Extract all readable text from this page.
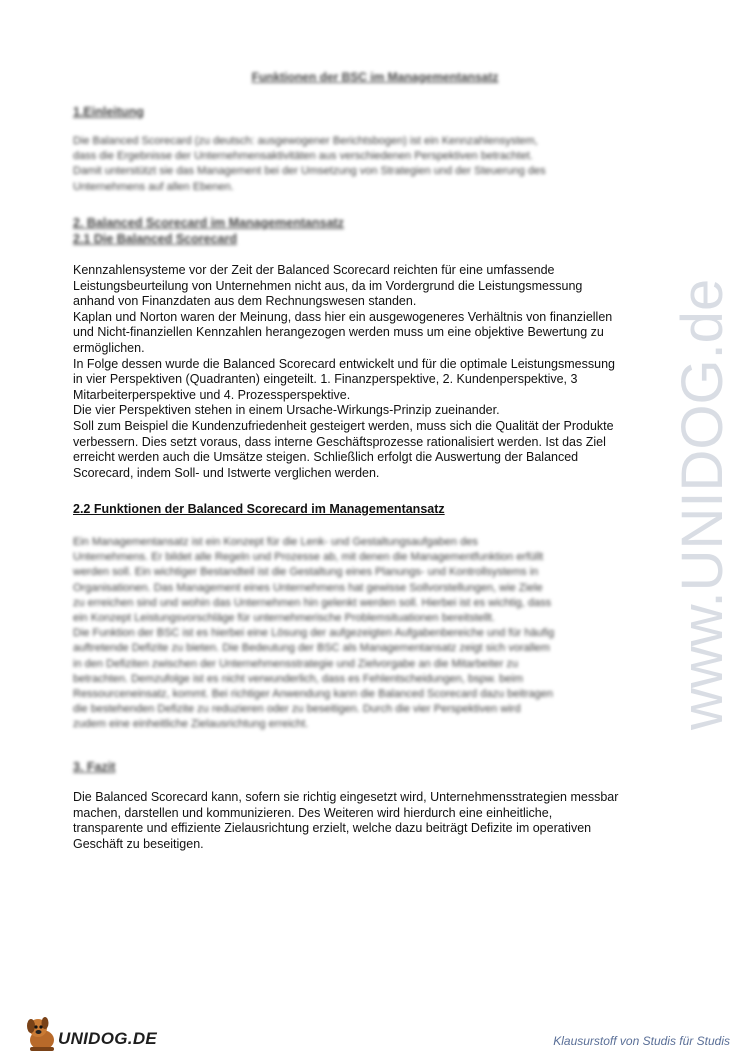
www.UNIDOG.de
Funktionen der BSC im Managementansatz
1.Einleitung
Die Balanced Scorecard (zu deutsch: ausgewogener Berichtsbogen) ist ein Kennzahlensystem,
dass die Ergebnisse der Unternehmensaktivitäten aus verschiedenen Perspektiven betrachtet.
Damit unterstützt sie das Management bei der Umsetzung von Strategien und der Steuerung des
Unternehmens auf allen Ebenen.
2. Balanced Scorecard im Managementansatz
2.1 Die Balanced Scorecard
Kennzahlensysteme vor der Zeit der Balanced Scorecard reichten für eine umfassende
Leistungsbeurteilung von Unternehmen nicht aus, da im Vordergrund die Leistungsmessung
anhand von Finanzdaten aus dem Rechnungswesen standen.
Kaplan und Norton waren der Meinung, dass hier ein ausgewogeneres Verhältnis von finanziellen
und Nicht-finanziellen Kennzahlen herangezogen werden muss um eine objektive Bewertung zu
ermöglichen.
In Folge dessen wurde die Balanced Scorecard entwickelt und für die optimale Leistungsmessung
in vier Perspektiven (Quadranten) eingeteilt. 1. Finanzperspektive, 2. Kundenperspektive, 3
Mitarbeiterperspektive und 4. Prozessperspektive.
Die vier Perspektiven stehen in einem Ursache-Wirkungs-Prinzip zueinander.
Soll zum Beispiel die Kundenzufriedenheit gesteigert werden, muss sich die Qualität der Produkte
verbessern. Dies setzt voraus, dass interne Geschäftsprozesse rationalisiert werden. Ist das Ziel
erreicht werden auch die Umsätze steigen. Schließlich erfolgt die Auswertung der Balanced
Scorecard, indem Soll- und Istwerte verglichen werden.
2.2 Funktionen der Balanced Scorecard im Managementansatz
Ein Managementansatz ist ein Konzept für die Lenk- und Gestaltungsaufgaben des
Unternehmens. Er bildet alle Regeln und Prozesse ab, mit denen die Managementfunktion erfüllt
werden soll. Ein wichtiger Bestandteil ist die Gestaltung eines Planungs- und Kontrollsystems in
Organisationen. Das Management eines Unternehmens hat gewisse Sollvorstellungen, wie Ziele
zu erreichen sind und wohin das Unternehmen hin gelenkt werden soll. Hierbei ist es wichtig, dass
ein Konzept Leistungsvorschläge für unternehmerische Problemsituationen bereitstellt.
Die Funktion der BSC ist es hierbei eine Lösung der aufgezeigten Aufgabenbereiche und für häufig
auftretende Defizite zu bieten. Die Bedeutung der BSC als Managementansatz zeigt sich vorallem
in den Defiziten zwischen der Unternehmensstrategie und Zielvorgabe an die Mitarbeiter zu
betrachten. Demzufolge ist es nicht verwunderlich, dass es Fehlentscheidungen, bspw. beim
Ressourceneinsatz, kommt. Bei richtiger Anwendung kann die Balanced Scorecard dazu beitragen
die bestehenden Defizite zu reduzieren oder zu beseitigen. Durch die vier Perspektiven wird
zudem eine einheitliche Zielausrichtung erreicht.
3. Fazit
Die Balanced Scorecard kann, sofern sie richtig eingesetzt wird, Unternehmensstrategien messbar
machen, darstellen und kommunizieren. Des Weiteren wird hierdurch eine einheitliche,
transparente und effiziente Zielausrichtung erzielt, welche dazu beiträgt Defizite im operativen
Geschäft zu beseitigen.
UNIDOG.DE	Klausurstoff von Studis für Studis
